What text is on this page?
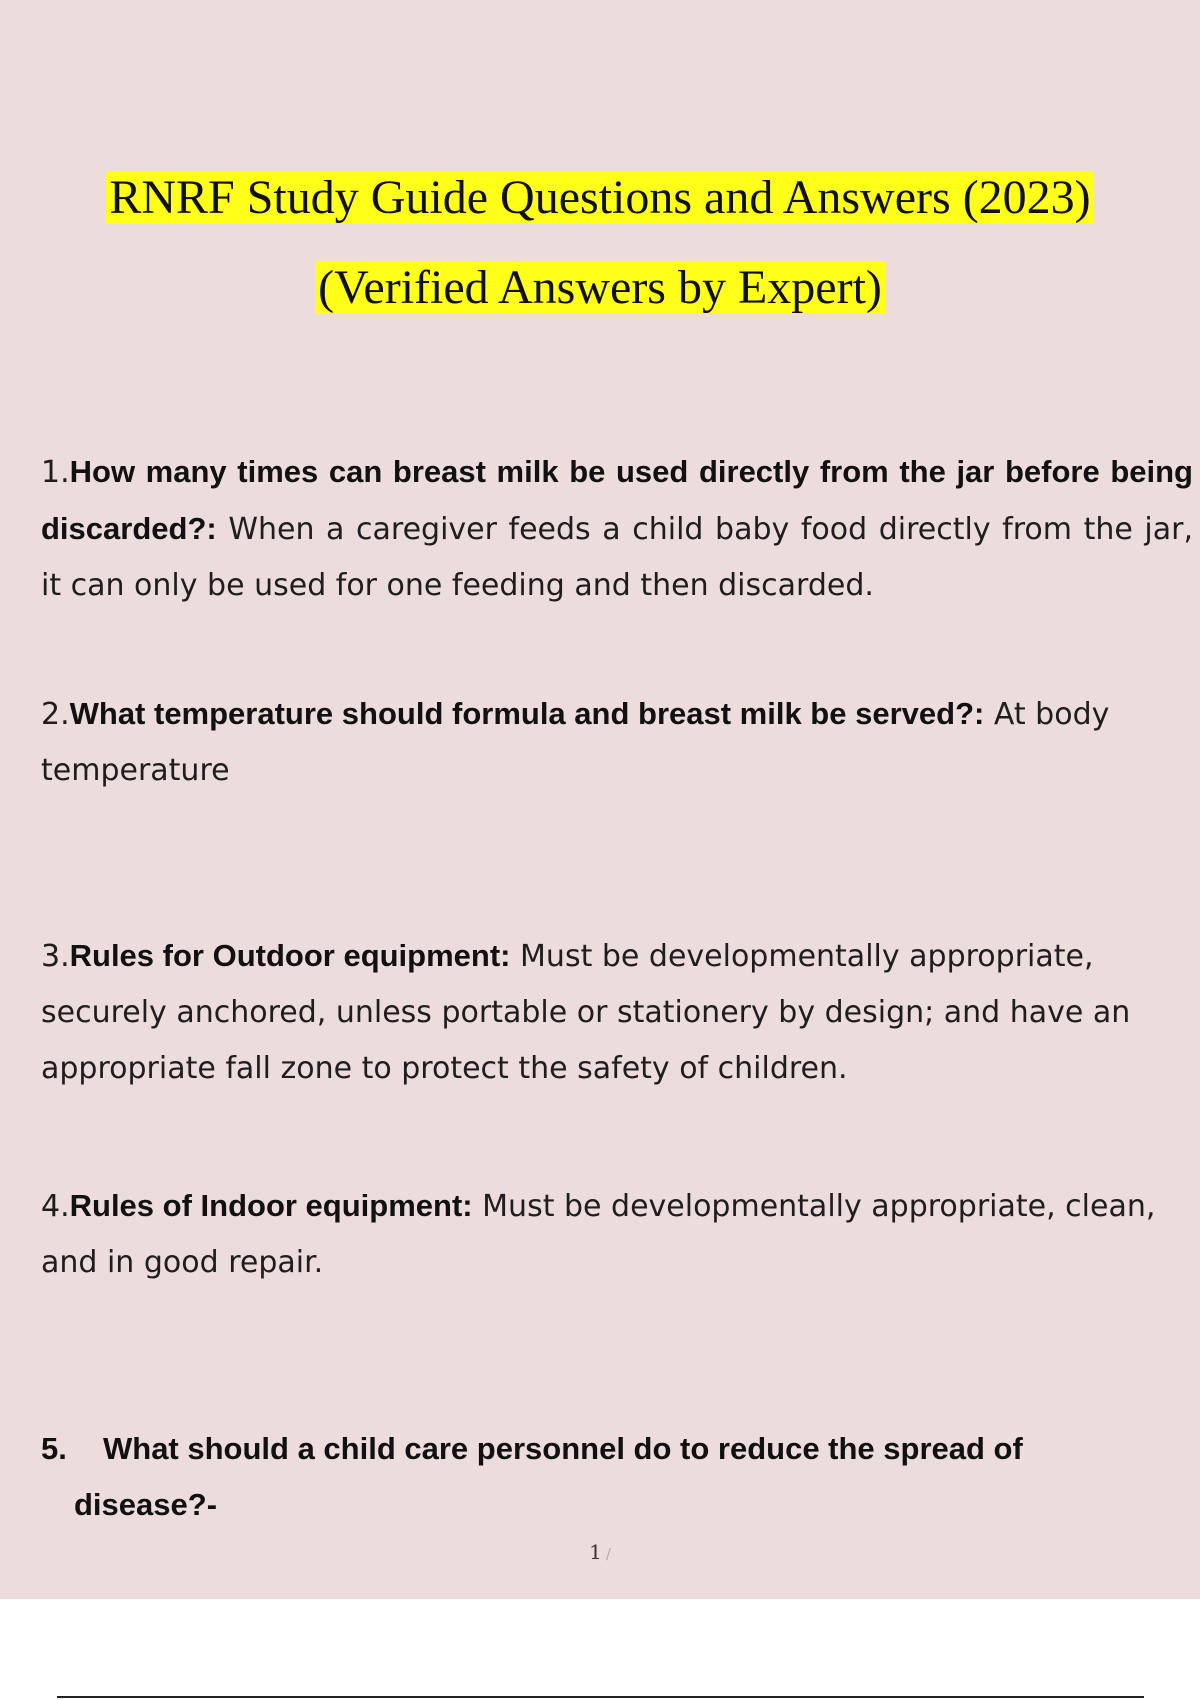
RNRF Study Guide Questions and Answers (2023)
(Verified Answers by Expert)
1.How many times can breast milk be used directly from the jar before being discarded?: When a caregiver feeds a child baby food directly from the jar, it can only be used for one feeding and then discarded.
2.What temperature should formula and breast milk be served?: At body temperature
3.Rules for Outdoor equipment: Must be developmentally appropriate, securely anchored, unless portable or stationery by design; and have an appropriate fall zone to protect the safety of children.
4.Rules of Indoor equipment: Must be developmentally appropriate, clean, and in good repair.
5. What should a child care personnel do to reduce the spread of
disease?-
1 /
